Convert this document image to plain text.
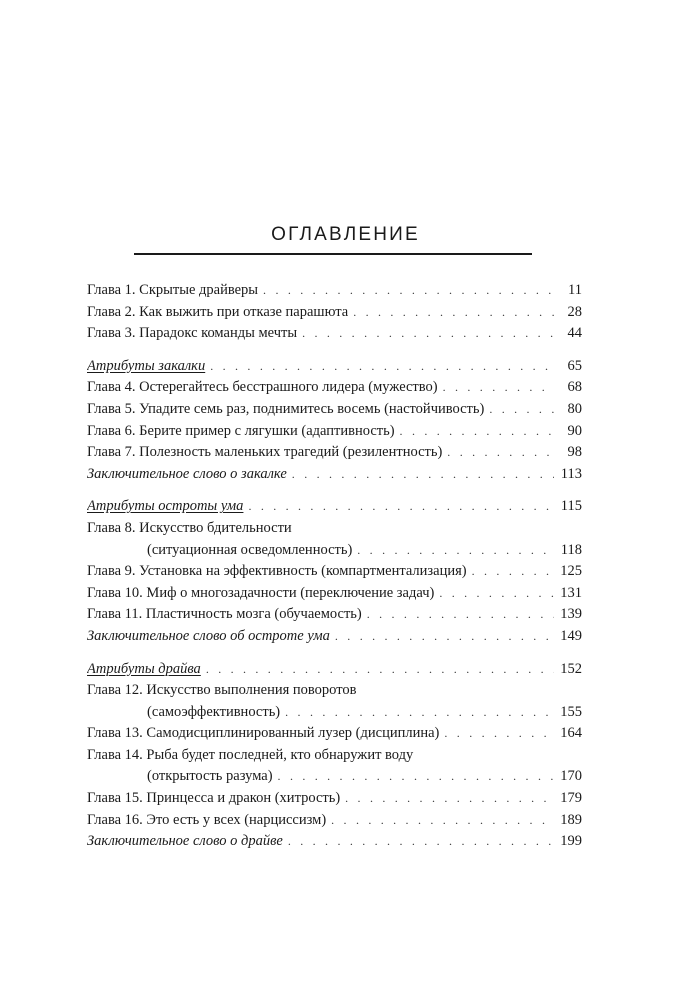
ОГЛАВЛЕНИЕ
Глава 1. Скрытые драйверы . . .	11
Глава 2. Как выжить при отказе парашюта . . .	28
Глава 3. Парадокс команды мечты . . .	44
Атрибуты закалки . . .	65
Глава 4. Остерегайтесь бесстрашного лидера (мужество) . . .	68
Глава 5. Упадите семь раз, поднимитесь восемь (настойчивость) . . .	80
Глава 6. Берите пример с лягушки (адаптивность) . . .	90
Глава 7. Полезность маленьких трагедий (резилентность) . . .	98
Заключительное слово о закалке . . .	113
Атрибуты остроты ума . . .	115
Глава 8. Искусство бдительности
(ситуационная осведомленность) . . .	118
Глава 9. Установка на эффективность (компартментализация) . . .	125
Глава 10. Миф о многозадачности (переключение задач) . . .	131
Глава 11. Пластичность мозга (обучаемость) . . .	139
Заключительное слово об остроте ума . . .	149
Атрибуты драйва . . .	152
Глава 12. Искусство выполнения поворотов
(самоэффективность) . . .	155
Глава 13. Самодисциплинированный лузер (дисциплина) . . .	164
Глава 14. Рыба будет последней, кто обнаружит воду
(открытость разума) . . .	170
Глава 15. Принцесса и дракон (хитрость) . . .	179
Глава 16. Это есть у всех (нарциссизм) . . .	189
Заключительное слово о драйве . . .	199
